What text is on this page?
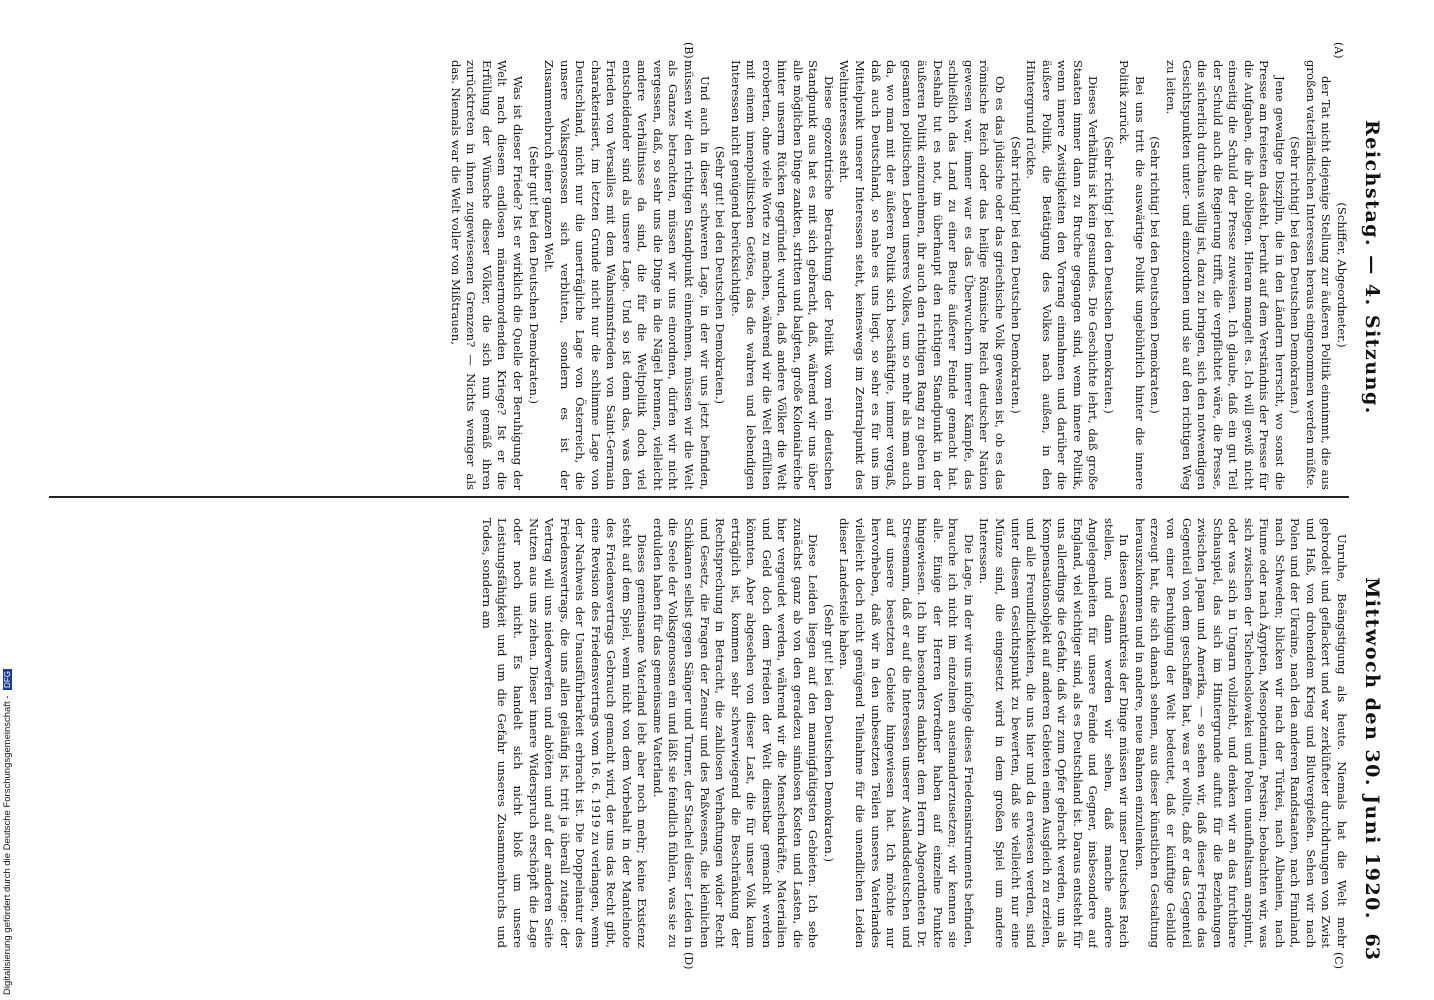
Reichstag. — 4. Sitzung.
63
Mittwoch den 30. Juni 1920.
(A)
(B)
(C)
(D)

(Schiffer, Abgeordneter.)

der Tat nicht diejenige Stellung zur äußeren Politik einnimmt, die aus großen vaterländischen Interessen heraus eingenommen werden müßte.

(Sehr richtig! bei den Deutschen Demokraten.)

Jene gewaltige Disziplin, die in den Ländern herrscht, wo sonst die Presse am freiesten dasteht, beruht auf dem Verständnis der Presse für die Aufgaben, die ihr obliegen. Hieran mangelt es. Ich will gewiß nicht einseitig die Schuld der Presse zuweisen. Ich glaube, daß ein gut Teil der Schuld auch die Regierung trifft, die verpflichtet wäre, die Presse, die sicherlich durchaus willig ist, dazu zu bringen, sich den notwendigen Gesichtspunkten unter- und einzuordnen und sie auf den richtigen Weg zu leiten.

(Sehr richtig! bei den Deutschen Demokraten.)

Bei uns tritt die auswärtige Politik ungebührlich hinter die innere Politik zurück.

(Sehr richtig! bei den Deutschen Demokraten.)

Dieses Verhältnis ist kein gesundes. Die Geschichte lehrt, daß große Staaten immer dann zu Bruche gegangen sind, wenn innere Politik, wenn innere Zwistigkeiten den Vorrang einnahmen und darüber die äußere Politik, die Betätigung des Volkes nach außen, in den Hintergrund rückte.

(Sehr richtig! bei den Deutschen Demokraten.)

Ob es das jüdische oder das griechische Volk gewesen ist, ob es das römische Reich oder das heilige Römische Reich deutscher Nation gewesen war, immer war es das Überwuchern innerer Kämpfe, das schließlich das Land zu einer Beute äußerer Feinde gemacht hat. Deshalb tut es not, im überhaupt den richtigen Standpunkt in der äußeren Politik einzunehmen, ihr auch den richtigen Rang zu geben im gesamten politischen Leben unseres Volkes, um so mehr als man auch da, wo man mit der äußeren Politik sich beschäftigte, immer vergaß, daß auch Deutschland, so nahe es uns liegt, so sehr es für uns im Mittelpunkt unserer Interessen steht, keineswegs im Zentralpunkt des Weltinteresses steht.

Diese egozentrische Betrachtung der Politik vom rein deutschen Standpunkt aus hat es mit sich gebracht, daß, während wir uns über alle möglichen Dinge zankten, stritten und balgten, große Kolonialreiche hinter unserm Rücken gegründet wurden, daß andere Völker die Welt eroberten, ohne viele Worte zu machen, während wir die Welt erfüllten mit einem innenpolitischen Getöse, das die wahren und lebendigen Interessen nicht genügend berücksichtigte.

(Sehr gut! bei den Deutschen Demokraten.)

Und auch in dieser schweren Lage, in der wir uns jetzt befinden, müssen wir den richtigen Standpunkt einnehmen, müssen wir die Welt als Ganzes betrachten, müssen wir uns einordnen, dürfen wir nicht vergessen, daß, so sehr uns die Dinge in die Nägel brennen, vielleicht andere Verhältnisse da sind, die für die Weltpolitik doch viel entscheidender sind als unsere Lage. Und so ist denn das, was den Frieden von Versailles mit dem Wahnsinnsfrieden von Saint-Germain charakterisiert, im letzten Grunde nicht nur die schlimme Lage von Deutschland, nicht nur die unerträgliche Lage von Österreich, die unsere Volksgenossen sich verbluten, sondern es ist der Zusammenbruch einer ganzen Welt.

(Sehr gut! bei den Deutschen Demokraten.)

Was ist dieser Friede? Ist er wirklich die Quelle der Beruhigung der Welt nach diesem endlosen männermordenden Kriege? Ist er die Erfüllung der Wünsche dieser Völker, die sich nun gemäß ihren zurücktreten in ihnen zugewiesenen Grenzen? — Nichts weniger als das. Niemals war die Welt voller von Mißtrauen,

Unruhe, Beängstigung als heute. Niemals hat die Welt mehr gebrodelt und geflackert und war zerklüfteter durchdrungen von Zwist und Haß, von drohendem Krieg und Blutvergießen. Sehen wir nach Polen und der Ukraine, nach den anderen Randstaaten, nach Finnland, nach Schweden; blicken wir nach der Türkei, nach Albanien, nach Fiume oder nach Ägypten, Mesopotamien, Persien; beobachten wir, was sich zwischen der Tschechoslowakei und Polen unaufhaltsam anspinnt, oder was sich in Ungarn vollzieht, und denken wir an das furchtbare Schauspiel, das sich im Hintergrunde auftut für die Beziehungen zwischen Japan und Amerika, — so sehen wir, daß dieser Friede das Gegenteil von dem geschaffen hat, was er wollte, daß er das Gegenteil von einer Beruhigung der Welt bedeutet, daß er künftige Gebilde erzeugt hat, die sich danach sehnen, aus dieser künstlichen Gestaltung herauszukommen und in andere, neue Bahnen einzulenken.

In diesen Gesamtkreis der Dinge müssen wir unser Deutsches Reich stellen, und dann werden wir sehen, daß manche andere Angelegenheiten für unsere Feinde und Gegner, insbesondere auf England, viel wichtiger sind, als es Deutschland ist. Daraus entsteht für uns allerdings die Gefahr, daß wir zum Opfer gebracht werden, um als Kompensationsobjekt auf anderen Gebieten einen Ausgleich zu erzielen, und alle Freundlichkeiten, die uns hier und da erwiesen werden, sind unter diesem Gesichtspunkt zu bewerten, daß sie vielleicht nur eine Münze sind, die eingesetzt wird in dem großen Spiel um andere Interessen.

Die Lage, in der wir uns infolge dieses Friedensinstruments befinden, brauche ich nicht im einzelnen auseinanderzusetzen; wir kennen sie alle. Einige der Herren Vorredner haben auf einzelne Punkte hingewiesen. Ich bin besonders dankbar dem Herrn Abgeordneten Dr. Stresemann, daß er auf die Interessen unserer Auslandsdeutschen und auf unsere besetzten Gebiete hingewiesen hat. Ich möchte nur hervorheben, daß wir in den unbesetzten Teilen unseres Vaterlandes vielleicht doch nicht genügend Teilnahme für die unendlichen Leiden dieser Landesteile haben.

(Sehr gut! bei den Deutschen Demokraten.)

Diese Leiden liegen auf den mannigfaltigsten Gebieten. Ich sehe zunächst ganz ab von den geradezu sinnlosen Kosten und Lasten, die hier vergeudet werden, während wir die Menschenkräfte, Materialien und Geld doch dem Frieden der Welt dienstbar gemacht werden könnten. Aber abgesehen von dieser Last, die für unser Volk kaum erträglich ist, kommen sehr schwerwiegend die Beschränkung der Rechtsprechung in Betracht, die zahllosen Verhaftungen wider Recht und Gesetz, die Fragen der Zensur und des Paßwesens, die kleinlichen Schikanen selbst gegen Sänger und Turner, der Stachel dieser Leiden in die Seele der Volksgenossen ein und läßt sie feindlich fühlen, was sie zu erdulden haben für das gemeinsame Vaterland.

Dieses gemeinsame Vaterland lebt aber noch mehr; keine Existenz steht auf dem Spiel, wenn nicht von dem Vorbehalt in der Mantelnote des Friedensvertrags Gebrauch gemacht wird, der uns das Recht gibt, eine Revision des Friedensvertrags vom 16. 6. 1919 zu verlangen, wenn der Nachweis der Unausführbarkeit erbracht ist. Die Doppelnatur des Friedensvertrags, die uns allen geläufig ist, tritt ja überall zutage: der Vertrag will uns niederwerfen und abtöten und auf der anderen Seite Nutzen aus uns ziehen. Dieser innere Widerspruch erschöpft die Lage oder noch nicht. Es handelt sich nicht bloß um unsere Leistungsfähigkeit und um die Gefahr unseres Zusammenbruchs und Todes, sondern am

Digitalisierung gefördert durch die Deutsche Forschungsgemeinschaft - DFG
